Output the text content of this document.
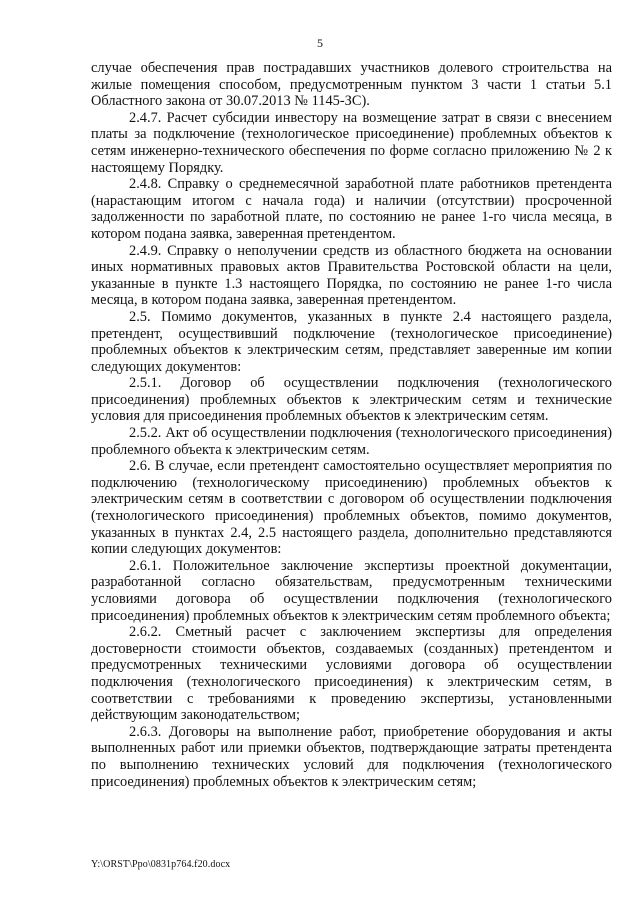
5

случае обеспечения прав пострадавших участников долевого строительства на жилые помещения способом, предусмотренным пунктом 3 части 1 статьи 5.1 Областного закона от 30.07.2013 № 1145-ЗС).

2.4.7. Расчет субсидии инвестору на возмещение затрат в связи с внесением платы за подключение (технологическое присоединение) проблемных объектов к сетям инженерно-технического обеспечения по форме согласно приложению № 2 к настоящему Порядку.

2.4.8. Справку о среднемесячной заработной плате работников претендента (нарастающим итогом с начала года) и наличии (отсутствии) просроченной задолженности по заработной плате, по состоянию не ранее 1-го числа месяца, в котором подана заявка, заверенная претендентом.

2.4.9. Справку о неполучении средств из областного бюджета на основании иных нормативных правовых актов Правительства Ростовской области на цели, указанные в пункте 1.3 настоящего Порядка, по состоянию не ранее 1-го числа месяца, в котором подана заявка, заверенная претендентом.

2.5. Помимо документов, указанных в пункте 2.4 настоящего раздела, претендент, осуществивший подключение (технологическое присоединение) проблемных объектов к электрическим сетям, представляет заверенные им копии следующих документов:

2.5.1. Договор об осуществлении подключения (технологического присоединения) проблемных объектов к электрическим сетям и технические условия для присоединения проблемных объектов к электрическим сетям.

2.5.2. Акт об осуществлении подключения (технологического присоединения) проблемного объекта к электрическим сетям.

2.6. В случае, если претендент самостоятельно осуществляет мероприятия по подключению (технологическому присоединению) проблемных объектов к электрическим сетям в соответствии с договором об осуществлении подключения (технологического присоединения) проблемных объектов, помимо документов, указанных в пунктах 2.4, 2.5 настоящего раздела, дополнительно представляются копии следующих документов:

2.6.1. Положительное заключение экспертизы проектной документации, разработанной согласно обязательствам, предусмотренным техническими условиями договора об осуществлении подключения (технологического присоединения) проблемных объектов к электрическим сетям проблемного объекта;

2.6.2. Сметный расчет с заключением экспертизы для определения достоверности стоимости объектов, создаваемых (созданных) претендентом и предусмотренных техническими условиями договора об осуществлении подключения (технологического присоединения) к электрическим сетям, в соответствии с требованиями к проведению экспертизы, установленными действующим законодательством;

2.6.3. Договоры на выполнение работ, приобретение оборудования и акты выполненных работ или приемки объектов, подтверждающие затраты претендента по выполнению технических условий для подключения (технологического присоединения) проблемных объектов к электрическим сетям;

Y:\ORST\Ppo\0831p764.f20.docx
